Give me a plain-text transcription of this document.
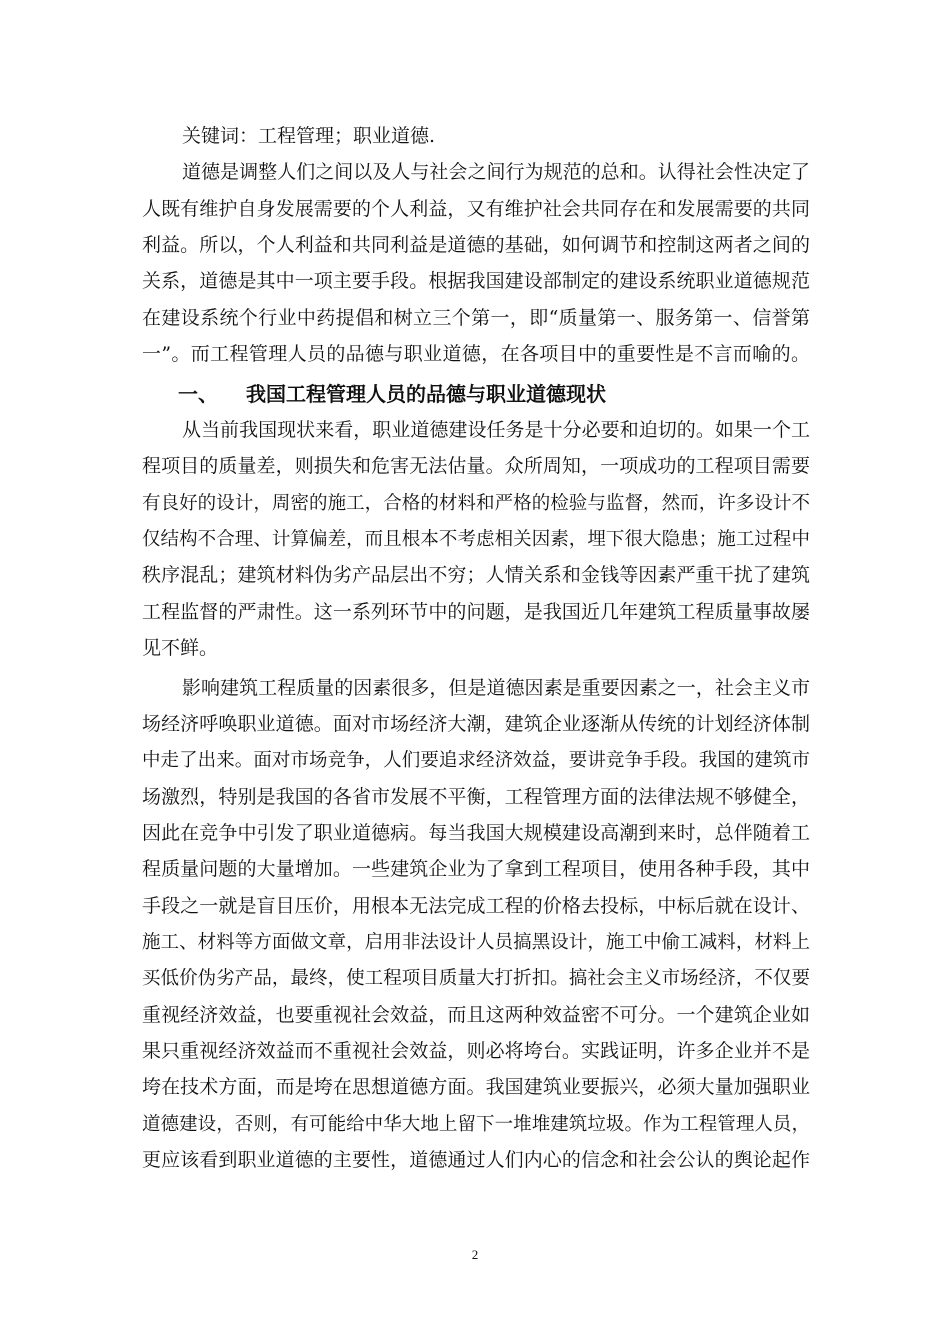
关键词：工程管理；职业道德.
道德是调整人们之间以及人与社会之间行为规范的总和。认得社会性决定了
人既有维护自身发展需要的个人利益，又有维护社会共同存在和发展需要的共同
利益。所以，个人利益和共同利益是道德的基础，如何调节和控制这两者之间的
关系，道德是其中一项主要手段。根据我国建设部制定的建设系统职业道德规范
在建设系统个行业中药提倡和树立三个第一，即“质量第一、服务第一、信誉第
一”。而工程管理人员的品德与职业道德，在各项目中的重要性是不言而喻的。
一、 我国工程管理人员的品德与职业道德现状
从当前我国现状来看，职业道德建设任务是十分必要和迫切的。如果一个工
程项目的质量差，则损失和危害无法估量。众所周知，一项成功的工程项目需要
有良好的设计，周密的施工，合格的材料和严格的检验与监督，然而，许多设计不
仅结构不合理、计算偏差，而且根本不考虑相关因素，埋下很大隐患；施工过程中
秩序混乱；建筑材料伪劣产品层出不穷；人情关系和金钱等因素严重干扰了建筑
工程监督的严肃性。这一系列环节中的问题，是我国近几年建筑工程质量事故屡
见不鲜。
影响建筑工程质量的因素很多，但是道德因素是重要因素之一，社会主义市
场经济呼唤职业道德。面对市场经济大潮，建筑企业逐渐从传统的计划经济体制
中走了出来。面对市场竞争，人们要追求经济效益，要讲竞争手段。我国的建筑市
场激烈，特别是我国的各省市发展不平衡，工程管理方面的法律法规不够健全，
因此在竞争中引发了职业道德病。每当我国大规模建设高潮到来时，总伴随着工
程质量问题的大量增加。一些建筑企业为了拿到工程项目，使用各种手段，其中
手段之一就是盲目压价，用根本无法完成工程的价格去投标，中标后就在设计、
施工、材料等方面做文章，启用非法设计人员搞黑设计，施工中偷工减料，材料上
买低价伪劣产品，最终，使工程项目质量大打折扣。搞社会主义市场经济，不仅要
重视经济效益，也要重视社会效益，而且这两种效益密不可分。一个建筑企业如
果只重视经济效益而不重视社会效益，则必将垮台。实践证明，许多企业并不是
垮在技术方面，而是垮在思想道德方面。我国建筑业要振兴，必须大量加强职业
道德建设，否则，有可能给中华大地上留下一堆堆建筑垃圾。作为工程管理人员，
更应该看到职业道德的主要性，道德通过人们内心的信念和社会公认的舆论起作
2
